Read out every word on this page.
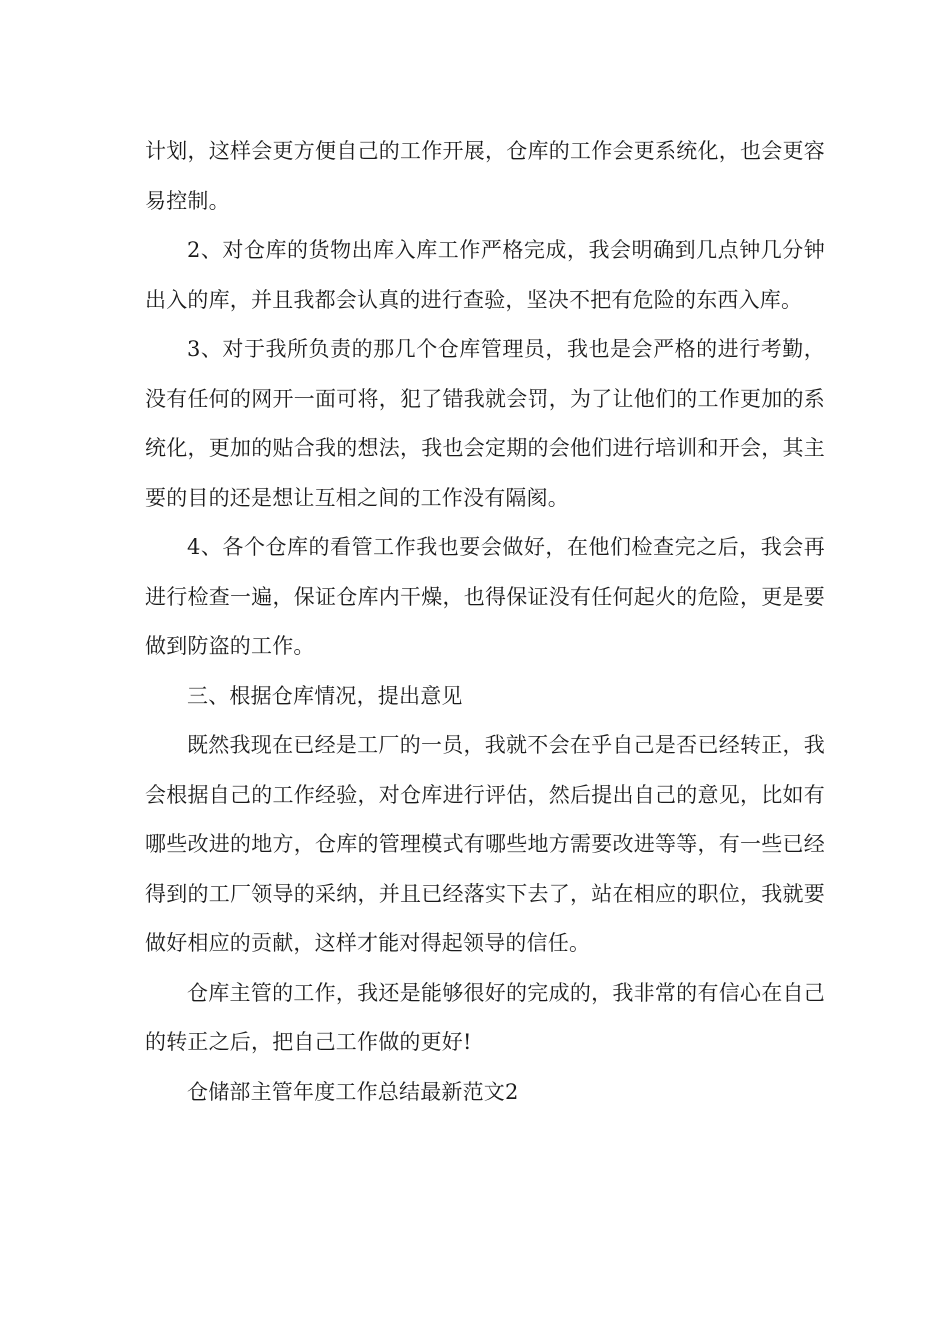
计划，这样会更方便自己的工作开展，仓库的工作会更系统化，也会更容易控制。

2、对仓库的货物出库入库工作严格完成，我会明确到几点钟几分钟出入的库，并且我都会认真的进行查验，坚决不把有危险的东西入库。

3、对于我所负责的那几个仓库管理员，我也是会严格的进行考勤，没有任何的网开一面可将，犯了错我就会罚，为了让他们的工作更加的系统化，更加的贴合我的想法，我也会定期的会他们进行培训和开会，其主要的目的还是想让互相之间的工作没有隔阂。

4、各个仓库的看管工作我也要会做好，在他们检查完之后，我会再进行检查一遍，保证仓库内干燥，也得保证没有任何起火的危险，更是要做到防盗的工作。

三、根据仓库情况，提出意见

既然我现在已经是工厂的一员，我就不会在乎自己是否已经转正，我会根据自己的工作经验，对仓库进行评估，然后提出自己的意见，比如有哪些改进的地方，仓库的管理模式有哪些地方需要改进等等，有一些已经得到的工厂领导的采纳，并且已经落实下去了，站在相应的职位，我就要做好相应的贡献，这样才能对得起领导的信任。

仓库主管的工作，我还是能够很好的完成的，我非常的有信心在自己的转正之后，把自己工作做的更好!

仓储部主管年度工作总结最新范文2
